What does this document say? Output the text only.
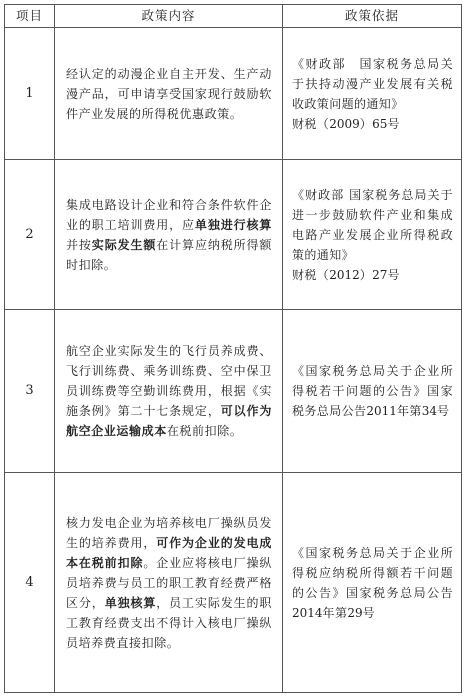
项目	政策内容	政策依据
1	经认定的动漫企业自主开发、生产动漫产品，可申请享受国家现行鼓励软件产业发展的所得税优惠政策。	《财政部　国家税务总局关于扶持动漫产业发展有关税收政策问题的通知》
财税（2009）65号
2	集成电路设计企业和符合条件软件企业的职工培训费用，应单独进行核算并按实际发生额在计算应纳税所得额时扣除。	《财政部 国家税务总局关于进一步鼓励软件产业和集成电路产业发展企业所得税政策的通知》
财税（2012）27号
3	航空企业实际发生的飞行员养成费、飞行训练费、乘务训练费、空中保卫员训练费等空勤训练费用，根据《实施条例》第二十七条规定，可以作为航空企业运输成本在税前扣除。	《国家税务总局关于企业所得税若干问题的公告》国家税务总局公告2011年第34号
4	核力发电企业为培养核电厂操纵员发生的培养费用，可作为企业的发电成本在税前扣除。企业应将核电厂操纵员培养费与员工的职工教育经费严格区分，单独核算，员工实际发生的职工教育经费支出不得计入核电厂操纵员培养费直接扣除。	《国家税务总局关于企业所得税应纳税所得额若干问题的公告》国家税务总局公告2014年第29号
